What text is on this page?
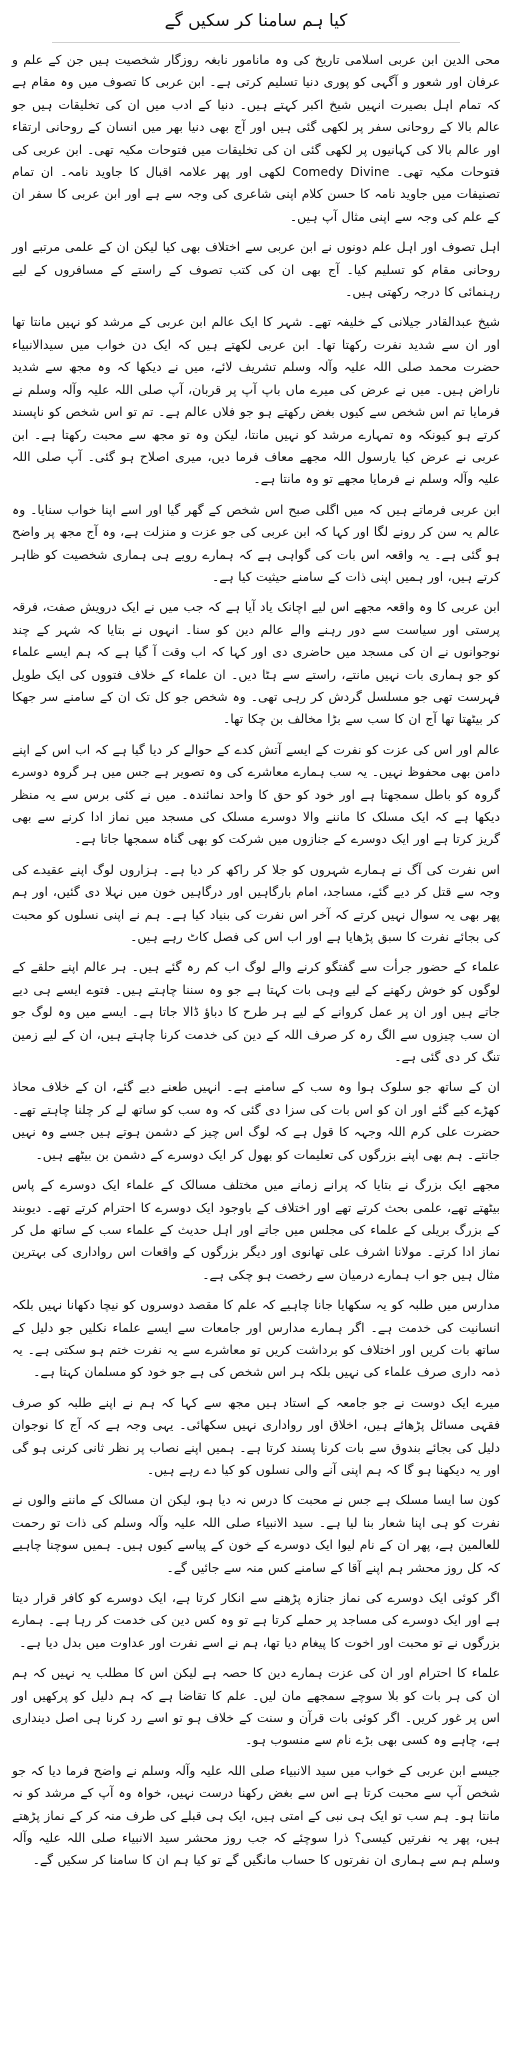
کیا ہم سامنا کر سکیں گے

محی الدین ابن عربی اسلامی تاریخ کی وہ مانامور نابغہ روزگار شخصیت ہیں جن کے علم و عرفان اور شعور و آگہی کو پوری دنیا تسلیم کرتی ہے۔ ابن عربی کا تصوف میں وہ مقام ہے کہ تمام اہل بصیرت انہیں شیخ اکبر کہتے ہیں۔ دنیا کے ادب میں ان کی تخلیقات ہیں جو عالم بالا کے روحانی سفر پر لکھی گئی ہیں اور آج بھی دنیا بھر میں انسان کے روحانی ارتقاء اور عالم بالا کی کہانیوں پر لکھی گئی ان کی تخلیقات میں فتوحات مکیہ تھی۔ ابن عربی کی فتوحات مکیہ تھی۔ Comedy Divine لکھی اور پھر علامہ اقبال کا جاوید نامہ۔ ان تمام تصنیفات میں جاوید نامہ کا حسن کلام اپنی شاعری کی وجہ سے ہے اور ابن عربی کا سفر ان کے علم کی وجہ سے اپنی مثال آپ ہیں۔

اہل تصوف اور اہل علم دونوں نے ابن عربی سے اختلاف بھی کیا لیکن ان کے علمی مرتبے اور روحانی مقام کو تسلیم کیا۔ آج بھی ان کی کتب تصوف کے راستے کے مسافروں کے لیے رہنمائی کا درجہ رکھتی ہیں۔

شیخ عبدالقادر جیلانی کے خلیفہ تھے۔ شہر کا ایک عالم ابن عربی کے مرشد کو نہیں مانتا تھا اور ان سے شدید نفرت رکھتا تھا۔ ابن عربی لکھتے ہیں کہ ایک دن خواب میں سیدالانبیاء حضرت محمد صلی اللہ علیہ وآلہ وسلم تشریف لائے، میں نے دیکھا کہ وہ مجھ سے شدید ناراض ہیں۔ میں نے عرض کی میرے ماں باپ آپ پر قربان، آپ صلی اللہ علیہ وآلہ وسلم نے فرمایا تم اس شخص سے کیوں بغض رکھتے ہو جو فلاں عالم ہے۔ تم تو اس شخص کو ناپسند کرتے ہو کیونکہ وہ تمہارے مرشد کو نہیں مانتا، لیکن وہ تو مجھ سے محبت رکھتا ہے۔ ابن عربی نے عرض کیا یارسول اللہ مجھے معاف فرما دیں، میری اصلاح ہو گئی۔ آپ صلی اللہ علیہ وآلہ وسلم نے فرمایا مجھے تو وہ مانتا ہے۔

ابن عربی فرماتے ہیں کہ میں اگلی صبح اس شخص کے گھر گیا اور اسے اپنا خواب سنایا۔ وہ عالم یہ سن کر رونے لگا اور کہا کہ ابن عربی کی جو عزت و منزلت ہے، وہ آج مجھ پر واضح ہو گئی ہے۔ یہ واقعہ اس بات کی گواہی ہے کہ ہمارے رویے ہی ہماری شخصیت کو ظاہر کرتے ہیں، اور ہمیں اپنی ذات کے سامنے حیثیت کیا ہے۔

ابن عربی کا وہ واقعہ مجھے اس لیے اچانک یاد آیا ہے کہ جب میں نے ایک درویش صفت، فرقہ پرستی اور سیاست سے دور رہنے والے عالم دین کو سنا۔ انہوں نے بتایا کہ شہر کے چند نوجوانوں نے ان کی مسجد میں حاضری دی اور کہا کہ اب وقت آ گیا ہے کہ ہم ایسے علماء کو جو ہماری بات نہیں مانتے، راستے سے ہٹا دیں۔ ان علماء کے خلاف فتووں کی ایک طویل فہرست تھی جو مسلسل گردش کر رہی تھی۔ وہ شخص جو کل تک ان کے سامنے سر جھکا کر بیٹھتا تھا آج ان کا سب سے بڑا مخالف بن چکا تھا۔

عالم اور اس کی عزت کو نفرت کے ایسے آتش کدے کے حوالے کر دیا گیا ہے کہ اب اس کے اپنے دامن بھی محفوظ نہیں۔ یہ سب ہمارے معاشرے کی وہ تصویر ہے جس میں ہر گروہ دوسرے گروہ کو باطل سمجھتا ہے اور خود کو حق کا واحد نمائندہ۔ میں نے کئی برس سے یہ منظر دیکھا ہے کہ ایک مسلک کا ماننے والا دوسرے مسلک کی مسجد میں نماز ادا کرنے سے بھی گریز کرتا ہے اور ایک دوسرے کے جنازوں میں شرکت کو بھی گناہ سمجھا جاتا ہے۔

اس نفرت کی آگ نے ہمارے شہروں کو جلا کر راکھ کر دیا ہے۔ ہزاروں لوگ اپنے عقیدے کی وجہ سے قتل کر دیے گئے، مساجد، امام بارگاہیں اور درگاہیں خون میں نہلا دی گئیں، اور ہم پھر بھی یہ سوال نہیں کرتے کہ آخر اس نفرت کی بنیاد کیا ہے۔ ہم نے اپنی نسلوں کو محبت کی بجائے نفرت کا سبق پڑھایا ہے اور اب اس کی فصل کاٹ رہے ہیں۔

علماء کے حضور جرأت سے گفتگو کرنے والے لوگ اب کم رہ گئے ہیں۔ ہر عالم اپنے حلقے کے لوگوں کو خوش رکھنے کے لیے وہی بات کہتا ہے جو وہ سننا چاہتے ہیں۔ فتوے ایسے ہی دیے جاتے ہیں اور ان پر عمل کروانے کے لیے ہر طرح کا دباؤ ڈالا جاتا ہے۔ ایسے میں وہ لوگ جو ان سب چیزوں سے الگ رہ کر صرف اللہ کے دین کی خدمت کرنا چاہتے ہیں، ان کے لیے زمین تنگ کر دی گئی ہے۔

ان کے ساتھ جو سلوک ہوا وہ سب کے سامنے ہے۔ انہیں طعنے دیے گئے، ان کے خلاف محاذ کھڑے کیے گئے اور ان کو اس بات کی سزا دی گئی کہ وہ سب کو ساتھ لے کر چلنا چاہتے تھے۔ حضرت علی کرم اللہ وجہہ کا قول ہے کہ لوگ اس چیز کے دشمن ہوتے ہیں جسے وہ نہیں جانتے۔ ہم بھی اپنے بزرگوں کی تعلیمات کو بھول کر ایک دوسرے کے دشمن بن بیٹھے ہیں۔

مجھے ایک بزرگ نے بتایا کہ پرانے زمانے میں مختلف مسالک کے علماء ایک دوسرے کے پاس بیٹھتے تھے، علمی بحث کرتے تھے اور اختلاف کے باوجود ایک دوسرے کا احترام کرتے تھے۔ دیوبند کے بزرگ بریلی کے علماء کی مجلس میں جاتے اور اہل حدیث کے علماء سب کے ساتھ مل کر نماز ادا کرتے۔ مولانا اشرف علی تھانوی اور دیگر بزرگوں کے واقعات اس رواداری کی بہترین مثال ہیں جو اب ہمارے درمیان سے رخصت ہو چکی ہے۔

مدارس میں طلبہ کو یہ سکھایا جانا چاہیے کہ علم کا مقصد دوسروں کو نیچا دکھانا نہیں بلکہ انسانیت کی خدمت ہے۔ اگر ہمارے مدارس اور جامعات سے ایسے علماء نکلیں جو دلیل کے ساتھ بات کریں اور اختلاف کو برداشت کریں تو معاشرے سے یہ نفرت ختم ہو سکتی ہے۔ یہ ذمہ داری صرف علماء کی نہیں بلکہ ہر اس شخص کی ہے جو خود کو مسلمان کہتا ہے۔

میرے ایک دوست نے جو جامعہ کے استاد ہیں مجھ سے کہا کہ ہم نے اپنے طلبہ کو صرف فقہی مسائل پڑھائے ہیں، اخلاق اور رواداری نہیں سکھائی۔ یہی وجہ ہے کہ آج کا نوجوان دلیل کی بجائے بندوق سے بات کرنا پسند کرتا ہے۔ ہمیں اپنے نصاب پر نظر ثانی کرنی ہو گی اور یہ دیکھنا ہو گا کہ ہم اپنی آنے والی نسلوں کو کیا دے رہے ہیں۔

کون سا ایسا مسلک ہے جس نے محبت کا درس نہ دیا ہو، لیکن ان مسالک کے ماننے والوں نے نفرت کو ہی اپنا شعار بنا لیا ہے۔ سید الانبیاء صلی اللہ علیہ وآلہ وسلم کی ذات تو رحمت للعالمین ہے، پھر ان کے نام لیوا ایک دوسرے کے خون کے پیاسے کیوں ہیں۔ ہمیں سوچنا چاہیے کہ کل روز محشر ہم اپنے آقا کے سامنے کس منہ سے جائیں گے۔

اگر کوئی ایک دوسرے کی نماز جنازہ پڑھنے سے انکار کرتا ہے، ایک دوسرے کو کافر قرار دیتا ہے اور ایک دوسرے کی مساجد پر حملے کرتا ہے تو وہ کس دین کی خدمت کر رہا ہے۔ ہمارے بزرگوں نے تو محبت اور اخوت کا پیغام دیا تھا، ہم نے اسے نفرت اور عداوت میں بدل دیا ہے۔

علماء کا احترام اور ان کی عزت ہمارے دین کا حصہ ہے لیکن اس کا مطلب یہ نہیں کہ ہم ان کی ہر بات کو بلا سوچے سمجھے مان لیں۔ علم کا تقاضا ہے کہ ہم دلیل کو پرکھیں اور اس پر غور کریں۔ اگر کوئی بات قرآن و سنت کے خلاف ہو تو اسے رد کرنا ہی اصل دینداری ہے، چاہے وہ کسی بھی بڑے نام سے منسوب ہو۔

جیسے ابن عربی کے خواب میں سید الانبیاء صلی اللہ علیہ وآلہ وسلم نے واضح فرما دیا کہ جو شخص آپ سے محبت کرتا ہے اس سے بغض رکھنا درست نہیں، خواہ وہ آپ کے مرشد کو نہ مانتا ہو۔ ہم سب تو ایک ہی نبی کے امتی ہیں، ایک ہی قبلے کی طرف منہ کر کے نماز پڑھتے ہیں، پھر یہ نفرتیں کیسی؟ ذرا سوچئے کہ جب روز محشر سید الانبیاء صلی اللہ علیہ وآلہ وسلم ہم سے ہماری ان نفرتوں کا حساب مانگیں گے تو کیا ہم ان کا سامنا کر سکیں گے۔
